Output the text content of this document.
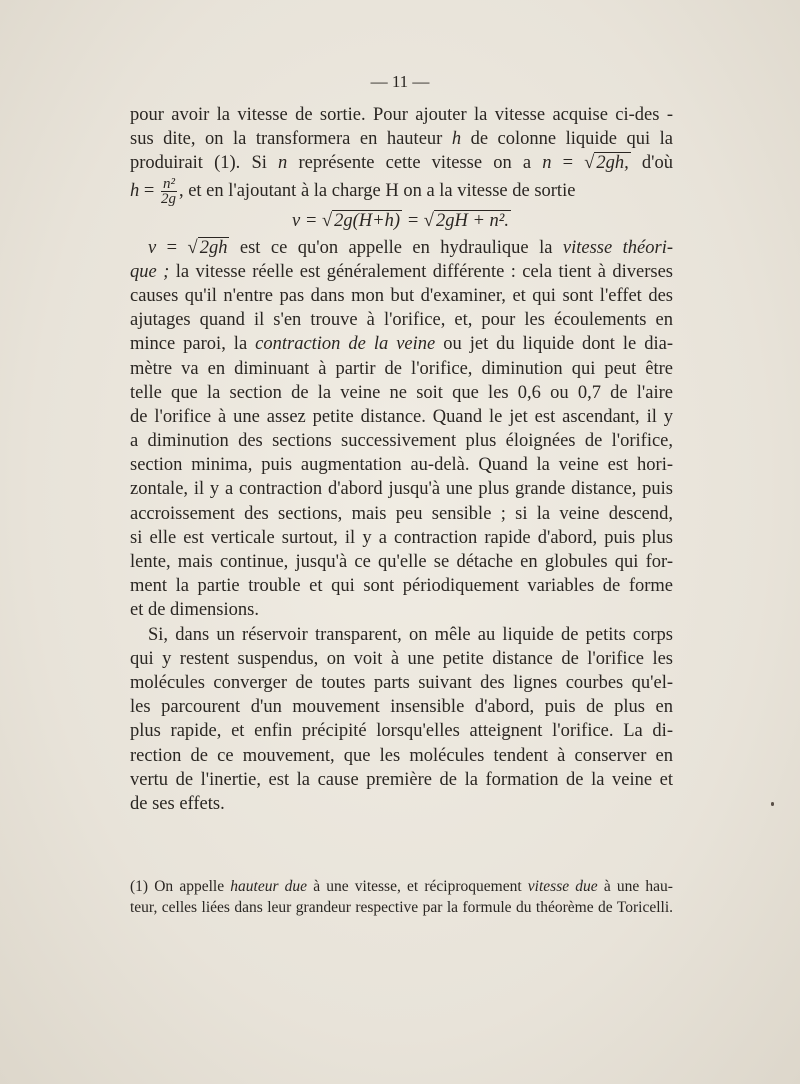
— 11 —
pour avoir la vitesse de sortie. Pour ajouter la vitesse acquise ci-des -
sus dite, on la transformera en hauteur h de colonne liquide qui la
produirait (1). Si n représente cette vitesse on a n = √ 2gh, d'où
$h = \frac{\text{n²}}{2g}$ , et en l'ajoutant à la charge H on a la vitesse de sortie
v = √ 2g(H+h) = √ 2gH + n².
v = √ 2gh est ce qu'on appelle en hydraulique la vitesse théori-
que ; la vitesse réelle est généralement différente : cela tient à diverses
causes qu'il n'entre pas dans mon but d'examiner, et qui sont l'effet des
ajutages quand il s'en trouve à l'orifice, et, pour les écoulements en
mince paroi, la contraction de la veine ou jet du liquide dont le dia-
mètre va en diminuant à partir de l'orifice, diminution qui peut être
telle que la section de la veine ne soit que les 0,6 ou 0,7 de l'aire
de l'orifice à une assez petite distance. Quand le jet est ascendant, il y
a diminution des sections successivement plus éloignées de l'orifice,
section minima, puis augmentation au-delà. Quand la veine est hori-
zontale, il y a contraction d'abord jusqu'à une plus grande distance, puis
accroissement des sections, mais peu sensible ; si la veine descend,
si elle est verticale surtout, il y a contraction rapide d'abord, puis plus
lente, mais continue, jusqu'à ce qu'elle se détache en globules qui for-
ment la partie trouble et qui sont périodiquement variables de forme
et de dimensions.
Si, dans un réservoir transparent, on mêle au liquide de petits corps
qui y restent suspendus, on voit à une petite distance de l'orifice les
molécules converger de toutes parts suivant des lignes courbes qu'el-
les parcourent d'un mouvement insensible d'abord, puis de plus en
plus rapide, et enfin précipité lorsqu'elles atteignent l'orifice. La di-
rection de ce mouvement, que les molécules tendent à conserver en
vertu de l'inertie, est la cause première de la formation de la veine et
de ses effets.
(1) On appelle hauteur due à une vitesse, et réciproquement vitesse due à une hau-
teur, celles liées dans leur grandeur respective par la formule du théorème de Toricelli.
